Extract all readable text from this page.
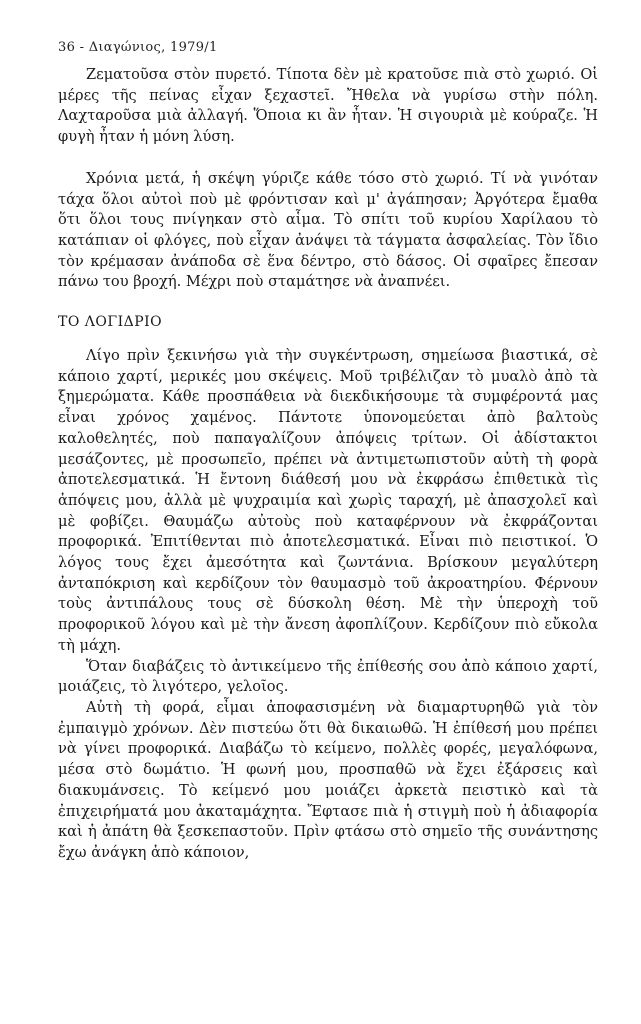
36 - Διαγώνιος, 1979/1

Ζεματοῦσα στὸν πυρετό. Τίποτα δὲν μὲ κρατοῦσε πιὰ στὸ χωριό. Οἱ μέρες τῆς πείνας εἶχαν ξεχαστεῖ. Ἤθελα νὰ γυρίσω στὴν πόλη. Λαχταροῦσα μιὰ ἀλλαγή. Ὅποια κι ἂν ἦταν. Ἡ σιγουριὰ μὲ κούραζε. Ἡ φυγὴ ἦταν ἡ μόνη λύση.

Χρόνια μετά, ἡ σκέψη γύριζε κάθε τόσο στὸ χωριό. Τί νὰ γινόταν τάχα ὅλοι αὐτοὶ ποὺ μὲ φρόντισαν καὶ μ' ἀγάπησαν; Ἀργότερα ἔμαθα ὅτι ὅλοι τους πνίγηκαν στὸ αἷμα. Τὸ σπίτι τοῦ κυρίου Χαρίλαου τὸ κατάπιαν οἱ φλόγες, ποὺ εἶχαν ἀνάψει τὰ τάγματα ἀσφαλείας. Τὸν ἴδιο τὸν κρέμασαν ἀνάποδα σὲ ἕνα δέντρο, στὸ δάσος. Οἱ σφαῖρες ἔπεσαν πάνω του βροχή. Μέχρι ποὺ σταμάτησε νὰ ἀναπνέει.

ΤΟ ΛΟΓΙΔΡΙΟ

Λίγο πρὶν ξεκινήσω γιὰ τὴν συγκέντρωση, σημείωσα βιαστικά, σὲ κάποιο χαρτί, μερικές μου σκέψεις. Μοῦ τριβέλιζαν τὸ μυαλὸ ἀπὸ τὰ ξημερώματα. Κάθε προσπάθεια νὰ διεκδικήσουμε τὰ συμφέροντά μας εἶναι χρόνος χαμένος. Πάντοτε ὑπονομεύεται ἀπὸ βαλτοὺς καλοθελητές, ποὺ παπαγαλίζουν ἀπόψεις τρίτων. Οἱ ἀδίστακτοι μεσάζοντες, μὲ προσωπεῖο, πρέπει νὰ ἀντιμετωπιστοῦν αὐτὴ τὴ φορὰ ἀποτελεσματικά. Ἡ ἔντονη διάθεσή μου νὰ ἐκφράσω ἐπιθετικὰ τὶς ἀπόψεις μου, ἀλλὰ μὲ ψυχραιμία καὶ χωρὶς ταραχή, μὲ ἀπασχολεῖ καὶ μὲ φοβίζει. Θαυμάζω αὐτοὺς ποὺ καταφέρνουν νὰ ἐκφράζονται προφορικά. Ἐπιτίθενται πιὸ ἀποτελεσματικά. Εἶναι πιὸ πειστικοί. Ὁ λόγος τους ἔχει ἀμεσότητα καὶ ζωντάνια. Βρίσκουν μεγαλύτερη ἀνταπόκριση καὶ κερδίζουν τὸν θαυμασμὸ τοῦ ἀκροατηρίου. Φέρνουν τοὺς ἀντιπάλους τους σὲ δύσκολη θέση. Μὲ τὴν ὑπεροχὴ τοῦ προφορικοῦ λόγου καὶ μὲ τὴν ἄνεση ἀφοπλίζουν. Κερδίζουν πιὸ εὔκολα τὴ μάχη.

Ὅταν διαβάζεις τὸ ἀντικείμενο τῆς ἐπίθεσής σου ἀπὸ κάποιο χαρτί, μοιάζεις, τὸ λιγότερο, γελοῖος.

Αὐτὴ τὴ φορά, εἶμαι ἀποφασισμένη νὰ διαμαρτυρηθῶ γιὰ τὸν ἐμπαιγμὸ χρόνων. Δὲν πιστεύω ὅτι θὰ δικαιωθῶ. Ἡ ἐπίθεσή μου πρέπει νὰ γίνει προφορικά. Διαβάζω τὸ κείμενο, πολλὲς φορές, μεγαλόφωνα, μέσα στὸ δωμάτιο. Ἡ φωνή μου, προσπαθῶ νὰ ἔχει ἐξάρσεις καὶ διακυμάνσεις. Τὸ κείμενό μου μοιάζει ἀρκετὰ πειστικὸ καὶ τὰ ἐπιχειρήματά μου ἀκαταμάχητα. Ἔφτασε πιὰ ἡ στιγμὴ ποὺ ἡ ἀδιαφορία καὶ ἡ ἀπάτη θὰ ξεσκεπαστοῦν. Πρὶν φτάσω στὸ σημεῖο τῆς συνάντησης ἔχω ἀνάγκη ἀπὸ κάποιον,
